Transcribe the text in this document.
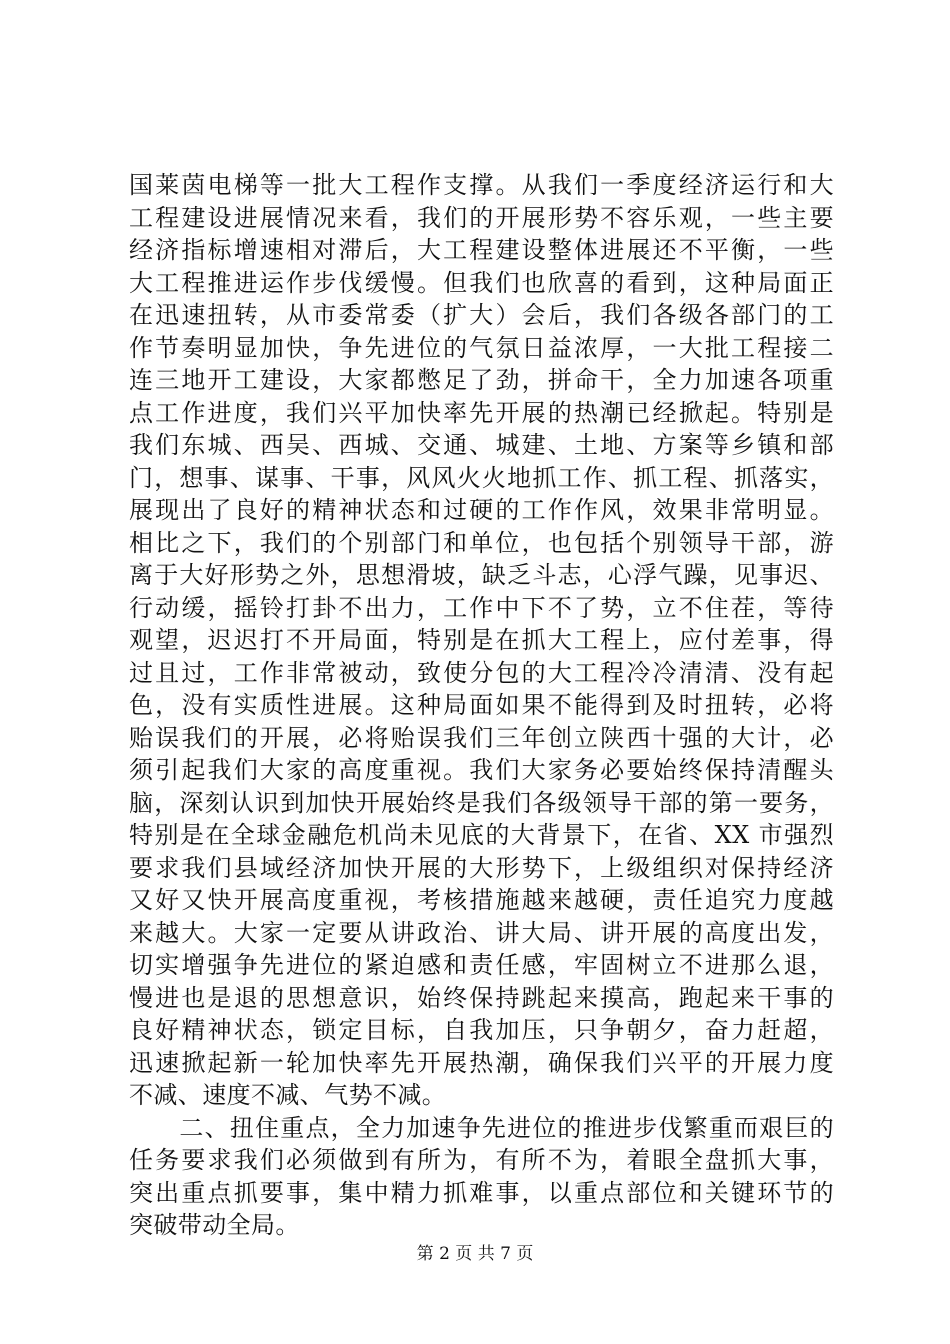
国莱茵电梯等一批大工程作支撑。从我们一季度经济运行和大
工程建设进展情况来看，我们的开展形势不容乐观，一些主要
经济指标增速相对滞后，大工程建设整体进展还不平衡，一些
大工程推进运作步伐缓慢。但我们也欣喜的看到，这种局面正
在迅速扭转，从市委常委（扩大）会后，我们各级各部门的工
作节奏明显加快，争先进位的气氛日益浓厚，一大批工程接二
连三地开工建设，大家都憋足了劲，拼命干，全力加速各项重
点工作进度，我们兴平加快率先开展的热潮已经掀起。特别是
我们东城、西吴、西城、交通、城建、土地、方案等乡镇和部
门，想事、谋事、干事，风风火火地抓工作、抓工程、抓落实，
展现出了良好的精神状态和过硬的工作作风，效果非常明显。
相比之下，我们的个别部门和单位，也包括个别领导干部，游
离于大好形势之外，思想滑坡，缺乏斗志，心浮气躁，见事迟、
行动缓，摇铃打卦不出力，工作中下不了势，立不住茬，等待
观望，迟迟打不开局面，特别是在抓大工程上，应付差事，得
过且过，工作非常被动，致使分包的大工程冷冷清清、没有起
色，没有实质性进展。这种局面如果不能得到及时扭转，必将
贻误我们的开展，必将贻误我们三年创立陕西十强的大计，必
须引起我们大家的高度重视。我们大家务必要始终保持清醒头
脑，深刻认识到加快开展始终是我们各级领导干部的第一要务，
特别是在全球金融危机尚未见底的大背景下，在省、XX 市强烈
要求我们县域经济加快开展的大形势下，上级组织对保持经济
又好又快开展高度重视，考核措施越来越硬，责任追究力度越
来越大。大家一定要从讲政治、讲大局、讲开展的高度出发，
切实增强争先进位的紧迫感和责任感，牢固树立不进那么退，
慢进也是退的思想意识，始终保持跳起来摸高，跑起来干事的
良好精神状态，锁定目标，自我加压，只争朝夕，奋力赶超，
迅速掀起新一轮加快率先开展热潮，确保我们兴平的开展力度
不减、速度不减、气势不减。
　　二、扭住重点，全力加速争先进位的推进步伐繁重而艰巨的
任务要求我们必须做到有所为，有所不为，着眼全盘抓大事，
突出重点抓要事，集中精力抓难事，以重点部位和关键环节的
突破带动全局。
第 2 页 共 7 页
